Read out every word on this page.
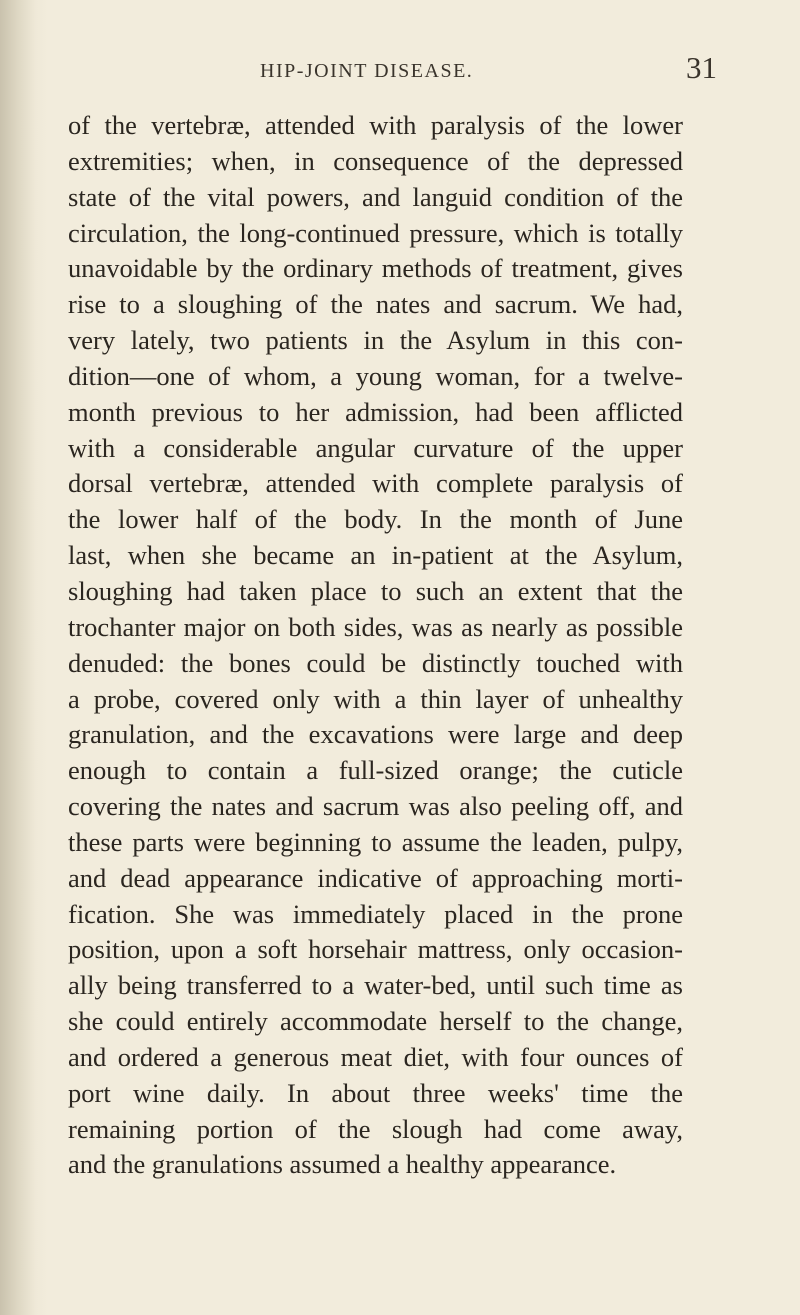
HIP-JOINT DISEASE.	31
of the vertebræ, attended with paralysis of the lower
extremities; when, in consequence of the depressed
state of the vital powers, and languid condition of the
circulation, the long-continued pressure, which is totally
unavoidable by the ordinary methods of treatment, gives
rise to a sloughing of the nates and sacrum. We had,
very lately, two patients in the Asylum in this con-
dition—one of whom, a young woman, for a twelve-
month previous to her admission, had been afflicted
with a considerable angular curvature of the upper
dorsal vertebræ, attended with complete paralysis of
the lower half of the body. In the month of June
last, when she became an in-patient at the Asylum,
sloughing had taken place to such an extent that the
trochanter major on both sides, was as nearly as possible
denuded: the bones could be distinctly touched with
a probe, covered only with a thin layer of unhealthy
granulation, and the excavations were large and deep
enough to contain a full-sized orange; the cuticle
covering the nates and sacrum was also peeling off, and
these parts were beginning to assume the leaden, pulpy,
and dead appearance indicative of approaching morti-
fication. She was immediately placed in the prone
position, upon a soft horsehair mattress, only occasion-
ally being transferred to a water-bed, until such time as
she could entirely accommodate herself to the change,
and ordered a generous meat diet, with four ounces of
port wine daily. In about three weeks' time the
remaining portion of the slough had come away,
and the granulations assumed a healthy appearance.
